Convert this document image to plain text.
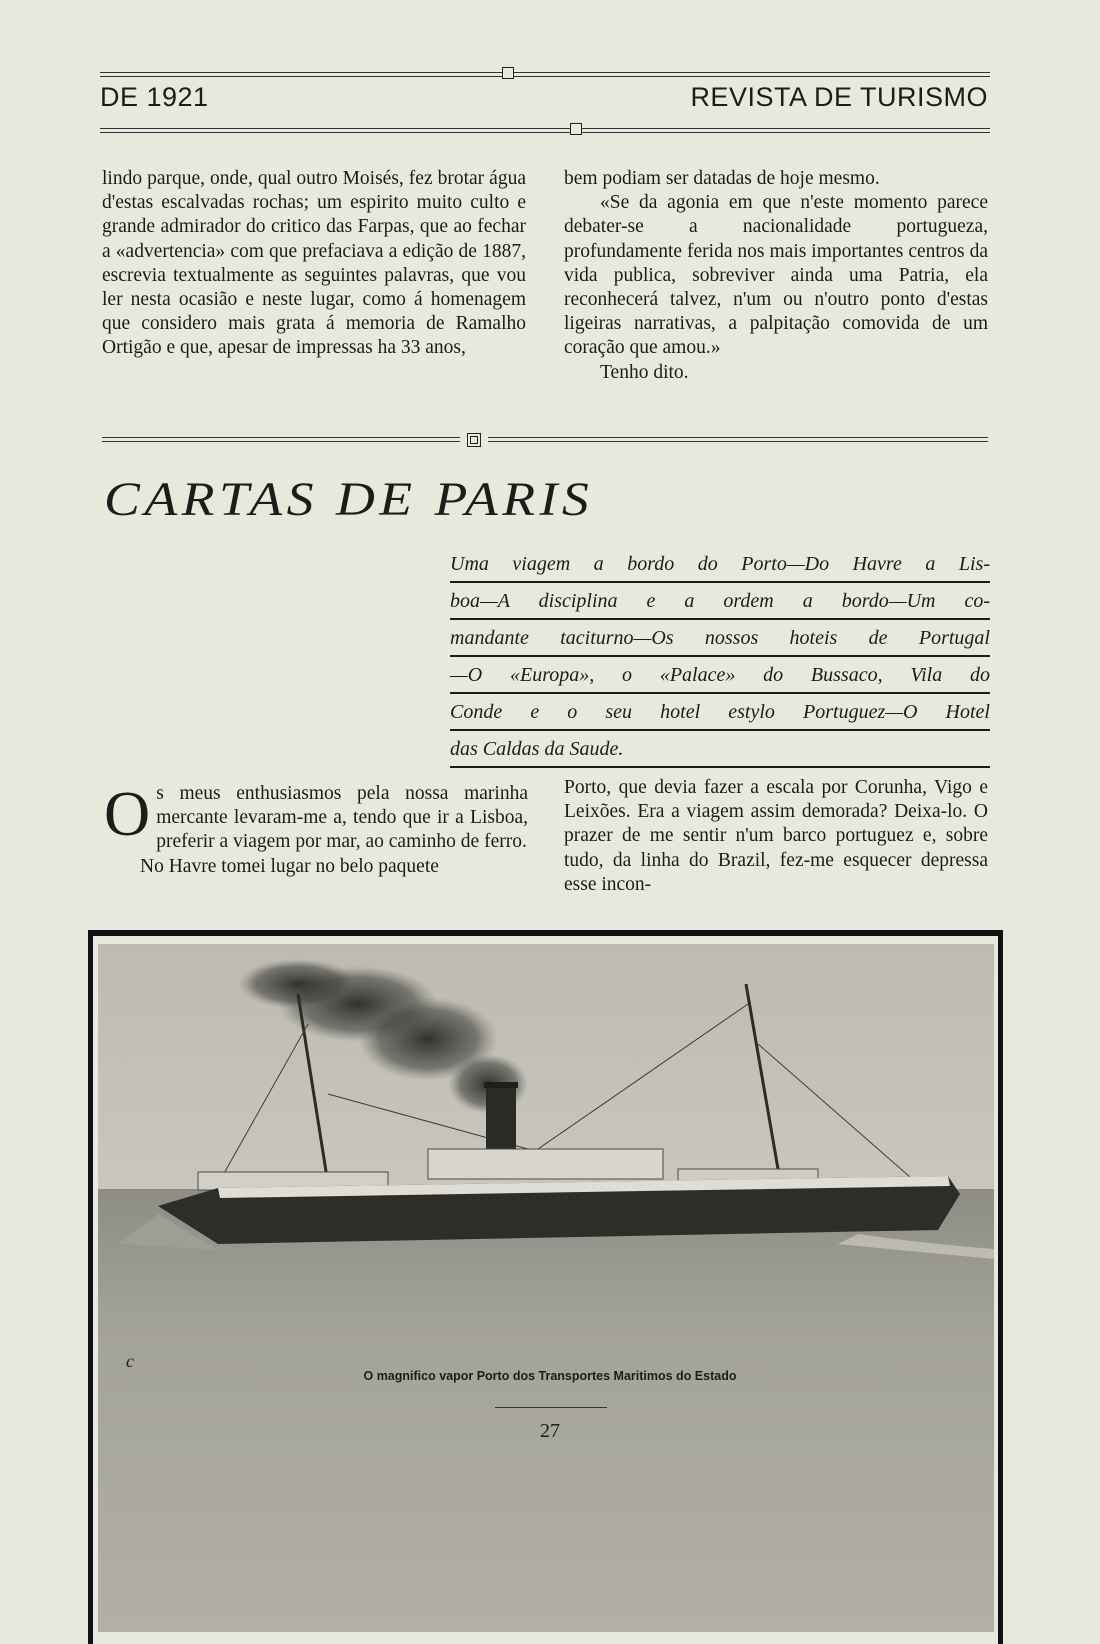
DE 1921	REVISTA DE TURISMO

lindo parque, onde, qual outro Moisés, fez brotar água d'estas escalvadas rochas; um espirito muito culto e grande admirador do critico das Farpas, que ao fechar a «advertencia» com que prefaciava a edição de 1887, escrevia textualmente as seguintes palavras, que vou ler nesta ocasião e neste lugar, como á homenagem que considero mais grata á memoria de Ramalho Ortigão e que, apesar de impressas ha 33 anos,

bem podiam ser datadas de hoje mesmo.

«Se da agonia em que n'este momento parece debater-se a nacionalidade portugueza, profundamente ferida nos mais importantes centros da vida publica, sobreviver ainda uma Patria, ela reconhecerá talvez, n'um ou n'outro ponto d'estas ligeiras narrativas, a palpitação comovida de um coração que amou.»

Tenho dito.

CARTAS DE PARIS
Uma viagem a bordo do Porto—Do Havre a Lis-
boa—A disciplina e a ordem a bordo—Um co-
mandante taciturno—Os nossos hoteis de Portugal
—O «Europa», o «Palace» do Bussaco, Vila do
Conde e o seu hotel estylo Portuguez—O Hotel
das Caldas da Saude.

Os meus enthusiasmos pela nossa marinha mercante levaram-me a, tendo que ir a Lisboa, preferir a viagem por mar, ao caminho de ferro.

No Havre tomei lugar no belo paquete

Porto, que devia fazer a escala por Corunha, Vigo e Leixões. Era a viagem assim demorada? Deixa-lo. O prazer de me sentir n'um barco portuguez e, sobre tudo, da linha do Brazil, fez-me esquecer depressa esse incon-

c
O magnifico vapor Porto dos Transportes Maritimos do Estado
27
